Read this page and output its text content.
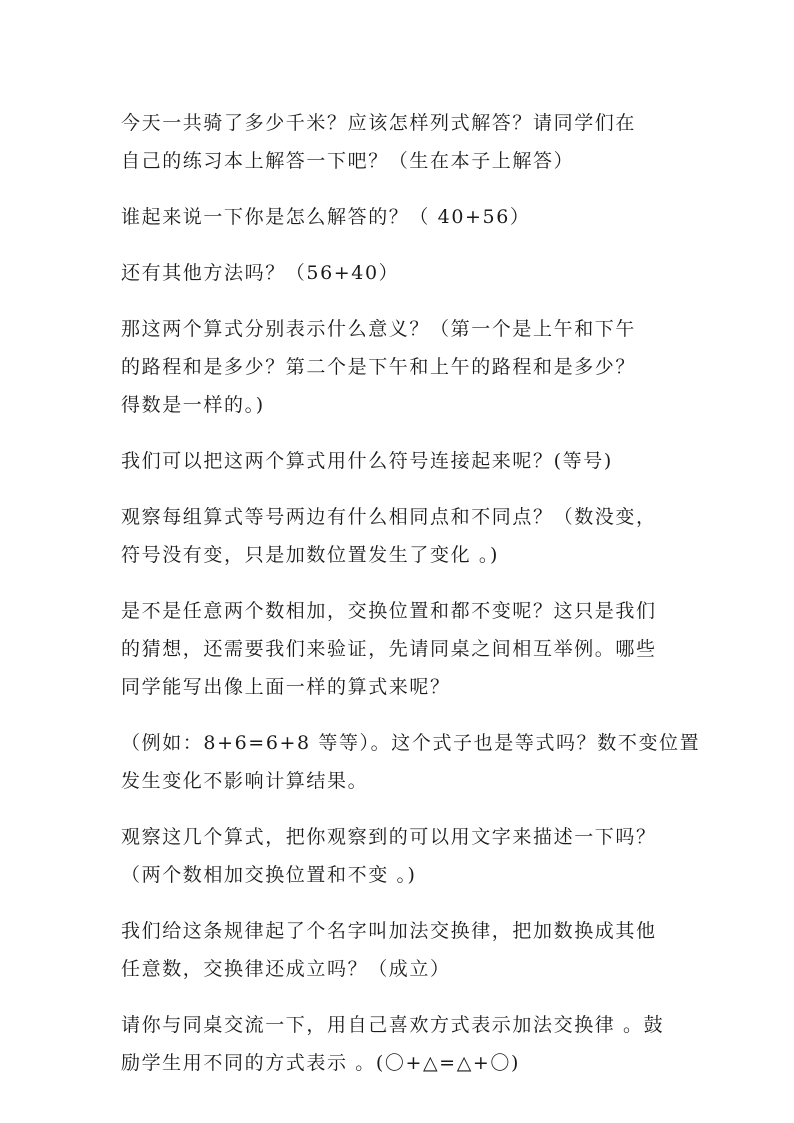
今天一共骑了多少千米？应该怎样列式解答？请同学们在
自己的练习本上解答一下吧？（生在本子上解答）

谁起来说一下你是怎么解答的？（ 40+56）

还有其他方法吗？（56+40）

那这两个算式分别表示什么意义？（第一个是上午和下午
的路程和是多少？第二个是下午和上午的路程和是多少？
得数是一样的。)

我们可以把这两个算式用什么符号连接起来呢？(等号)

观察每组算式等号两边有什么相同点和不同点？（数没变，
符号没有变，只是加数位置发生了变化 。)

是不是任意两个数相加，交换位置和都不变呢？这只是我们
的猜想，还需要我们来验证，先请同桌之间相互举例。哪些
同学能写出像上面一样的算式来呢？

（例如：8+6=6+8 等等）。这个式子也是等式吗？数不变位置
发生变化不影响计算结果。

观察这几个算式，把你观察到的可以用文字来描述一下吗？
（两个数相加交换位置和不变 。)

我们给这条规律起了个名字叫加法交换律，把加数换成其他
任意数，交换律还成立吗？（成立）

请你与同桌交流一下，用自己喜欢方式表示加法交换律 。鼓
励学生用不同的方式表示 。(〇+△=△+〇)
